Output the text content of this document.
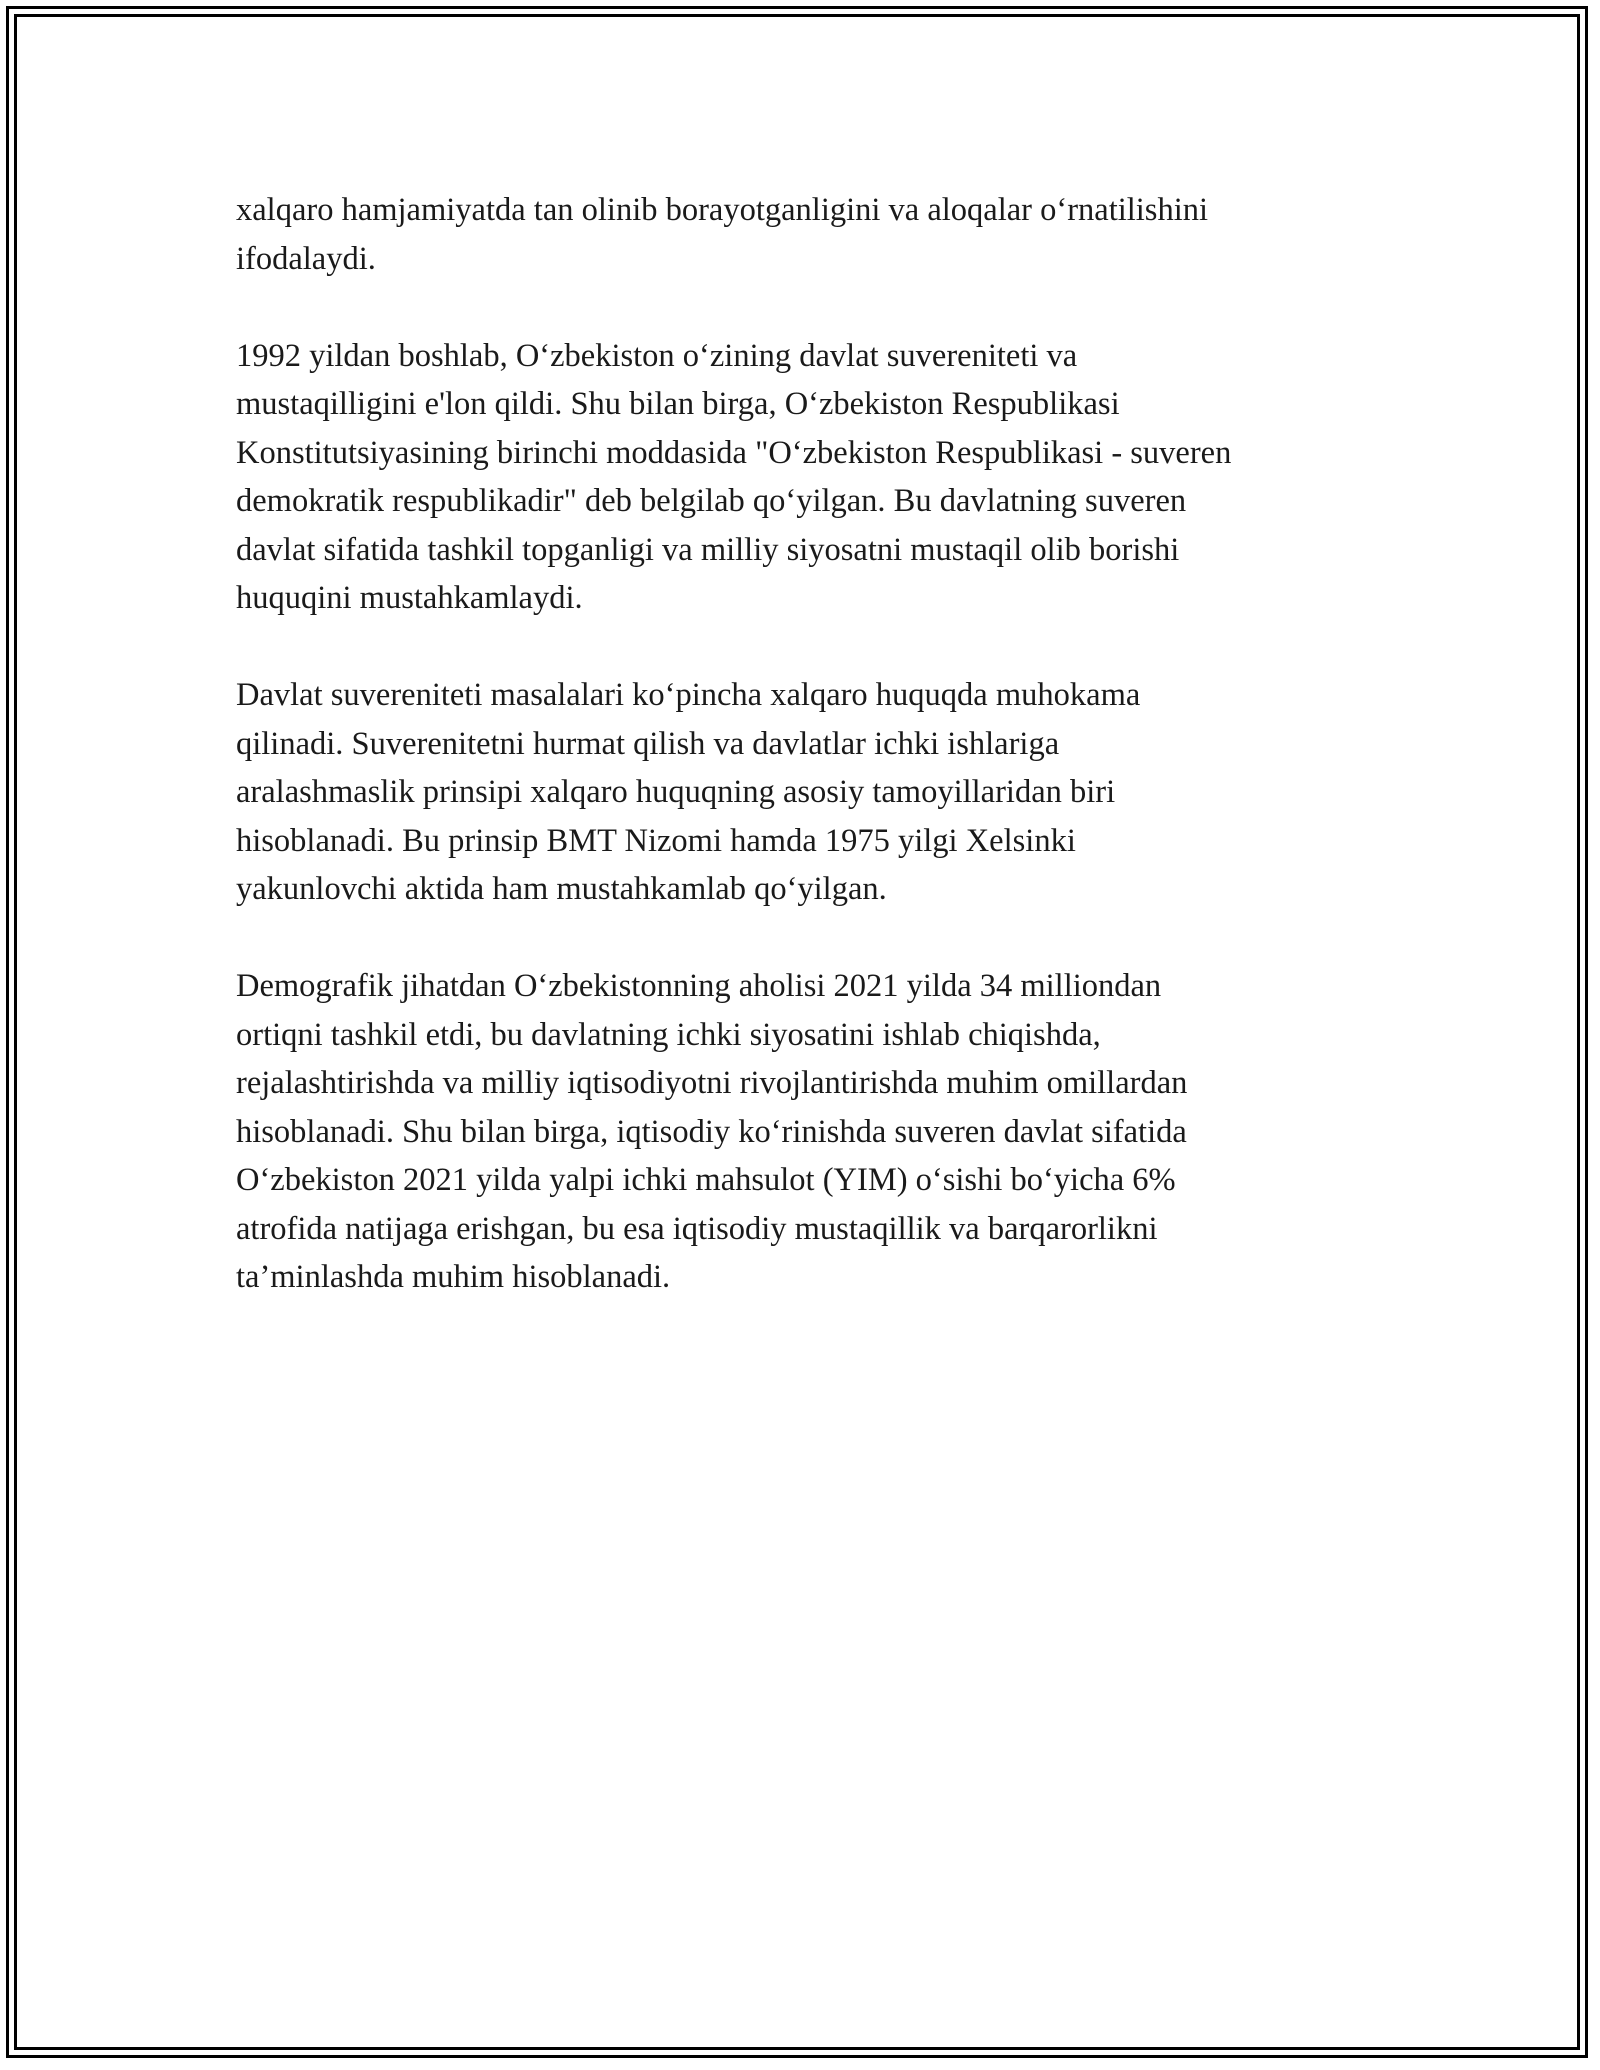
xalqaro hamjamiyatda tan olinib borayotganligini va aloqalar o‘rnatilishini
ifodalaydi.

1992 yildan boshlab, O‘zbekiston o‘zining davlat suvereniteti va
mustaqilligini e'lon qildi. Shu bilan birga, O‘zbekiston Respublikasi
Konstitutsiyasining birinchi moddasida "O‘zbekiston Respublikasi - suveren
demokratik respublikadir" deb belgilab qo‘yilgan. Bu davlatning suveren
davlat sifatida tashkil topganligi va milliy siyosatni mustaqil olib borishi
huquqini mustahkamlaydi.

Davlat suvereniteti masalalari ko‘pincha xalqaro huquqda muhokama
qilinadi. Suverenitetni hurmat qilish va davlatlar ichki ishlariga
aralashmaslik prinsipi xalqaro huquqning asosiy tamoyillaridan biri
hisoblanadi. Bu prinsip BMT Nizomi hamda 1975 yilgi Xelsinki
yakunlovchi aktida ham mustahkamlab qo‘yilgan.

Demografik jihatdan O‘zbekistonning aholisi 2021 yilda 34 milliondan
ortiqni tashkil etdi, bu davlatning ichki siyosatini ishlab chiqishda,
rejalashtirishda va milliy iqtisodiyotni rivojlantirishda muhim omillardan
hisoblanadi. Shu bilan birga, iqtisodiy ko‘rinishda suveren davlat sifatida
O‘zbekiston 2021 yilda yalpi ichki mahsulot (YIM) o‘sishi bo‘yicha 6%
atrofida natijaga erishgan, bu esa iqtisodiy mustaqillik va barqarorlikni
ta’minlashda muhim hisoblanadi.
